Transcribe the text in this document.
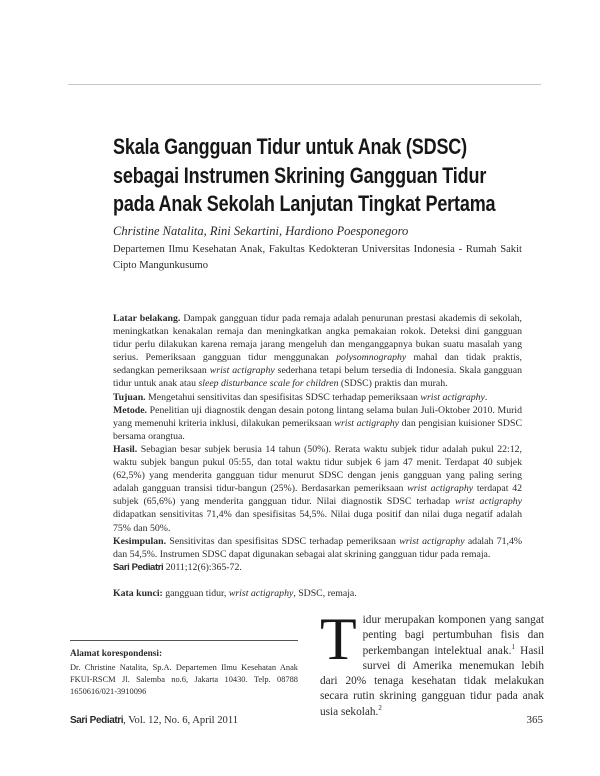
Skala Gangguan Tidur untuk Anak (SDSC)
sebagai Instrumen Skrining Gangguan Tidur
pada Anak Sekolah Lanjutan Tingkat Pertama
Christine Natalita, Rini Sekartini, Hardiono Poesponegoro
Departemen Ilmu Kesehatan Anak, Fakultas Kedokteran Universitas Indonesia - Rumah Sakit Cipto Mangunkusumo

Latar belakang. Dampak gangguan tidur pada remaja adalah penurunan prestasi akademis di sekolah, meningkatkan kenakalan remaja dan meningkatkan angka pemakaian rokok. Deteksi dini gangguan tidur perlu dilakukan karena remaja jarang mengeluh dan menganggapnya bukan suatu masalah yang serius. Pemeriksaan gangguan tidur menggunakan polysomnography mahal dan tidak praktis, sedangkan pemeriksaan wrist actigraphy sederhana tetapi belum tersedia di Indonesia. Skala gangguan tidur untuk anak atau sleep disturbance scale for children (SDSC) praktis dan murah.

Tujuan. Mengetahui sensitivitas dan spesifisitas SDSC terhadap pemeriksaan wrist actigraphy.

Metode. Penelitian uji diagnostik dengan desain potong lintang selama bulan Juli-Oktober 2010. Murid yang memenuhi kriteria inklusi, dilakukan pemeriksaan wrist actigraphy dan pengisian kuisioner SDSC bersama orangtua.

Hasil. Sebagian besar subjek berusia 14 tahun (50%). Rerata waktu subjek tidur adalah pukul 22:12, waktu subjek bangun pukul 05:55, dan total waktu tidur subjek 6 jam 47 menit. Terdapat 40 subjek (62,5%) yang menderita gangguan tidur menurut SDSC dengan jenis gangguan yang paling sering adalah gangguan transisi tidur-bangun (25%). Berdasarkan pemeriksaan wrist actigraphy terdapat 42 subjek (65,6%) yang menderita gangguan tidur. Nilai diagnostik SDSC terhadap wrist actigraphy didapatkan sensitivitas 71,4% dan spesifisitas 54,5%. Nilai duga positif dan nilai duga negatif adalah 75% dan 50%.

Kesimpulan. Sensitivitas dan spesifisitas SDSC terhadap pemeriksaan wrist actigraphy adalah 71,4% dan 54,5%. Instrumen SDSC dapat digunakan sebagai alat skrining gangguan tidur pada remaja.

Sari Pediatri 2011;12(6):365-72.

Kata kunci: gangguan tidur, wrist actigraphy, SDSC, remaja.

Alamat korespondensi:
Dr. Christine Natalita, Sp.A. Departemen Ilmu Kesehatan Anak FKUI-RSCM Jl. Salemba no.6, Jakarta 10430. Telp. 08788 1650616/021-3910096
Tidur merupakan komponen yang sangat penting bagi pertumbuhan fisis dan perkembangan intelektual anak.$^1$ Hasil survei di Amerika menemukan lebih dari 20% tenaga kesehatan tidak melakukan secara rutin skrining gangguan tidur pada anak usia sekolah.$^2$
Sari Pediatri, Vol. 12, No. 6, April 2011	365
